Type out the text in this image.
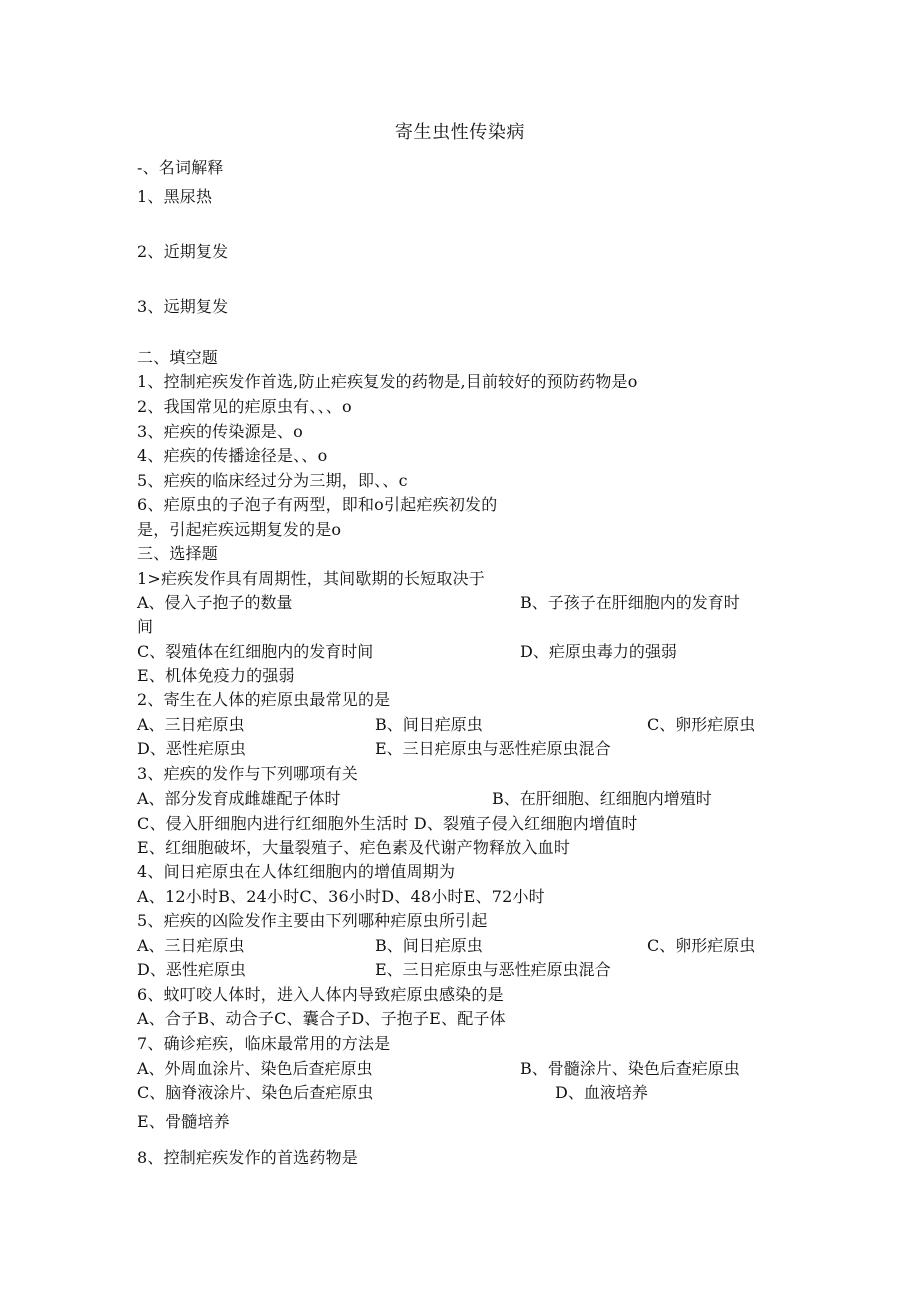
寄生虫性传染病
-、名词解释
1、黑尿热
2、近期复发
3、远期复发
二、填空题
1、控制疟疾发作首选,防止疟疾复发的药物是,目前较好的预防药物是o
2、我国常见的疟原虫有、、、o
3、疟疾的传染源是、o
4、疟疾的传播途径是、、o
5、疟疾的临床经过分为三期，即、、c
6、疟原虫的子泡子有两型，即和o引起疟疾初发的
是，引起疟疾远期复发的是o
三、选择题
1>疟疾发作具有周期性，其间歇期的长短取决于
A、侵入子抱子的数量	B、子孩子在肝细胞内的发育时
间
C、裂殖体在红细胞内的发育时间	D、疟原虫毒力的强弱
E、机体免疫力的强弱
2、寄生在人体的疟原虫最常见的是
A、三日疟原虫	B、间日疟原虫	C、卵形疟原虫
D、恶性疟原虫	E、三日疟原虫与恶性疟原虫混合
3、疟疾的发作与下列哪项有关
A、部分发育成雌雄配子体时	B、在肝细胞、红细胞内增殖时
C、侵入肝细胞内进行红细胞外生活时 D、裂殖子侵入红细胞内增值时
E、红细胞破坏，大量裂殖子、疟色素及代谢产物释放入血时
4、间日疟原虫在人体红细胞内的增值周期为
A、12小时B、24小时C、36小时D、48小时E、72小时
5、疟疾的凶险发作主要由下列哪种疟原虫所引起
A、三日疟原虫	B、间日疟原虫	C、卵形疟原虫
D、恶性疟原虫	E、三日疟原虫与恶性疟原虫混合
6、蚊叮咬人体时，进入人体内导致疟原虫感染的是
A、合子B、动合子C、囊合子D、子抱子E、配子体
7、确诊疟疾，临床最常用的方法是
A、外周血涂片、染色后查疟原虫	B、骨髓涂片、染色后查疟原虫
C、脑脊液涂片、染色后查疟原虫	D、血液培养
E、骨髓培养
8、控制疟疾发作的首选药物是
